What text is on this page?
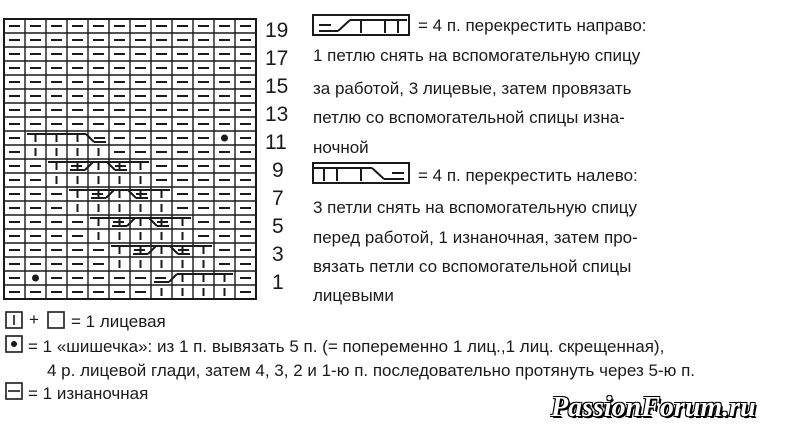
19
17
15
13
11
9
7
5
3
1
= 4 п. перекрестить направо:
1 петлю снять на вспомогательную спицу
за работой, 3 лицевые, затем провязать
петлю со вспомогательной спицы изна-
ночной
= 4 п. перекрестить налево:
3 петли снять на вспомогательную спицу
перед работой, 1 изнаночная, затем про-
вязать петли со вспомогательной спицы
лицевыми
+ = 1 лицевая
= 1 «шишечка»: из 1 п. вывязать 5 п. (= попеременно 1 лиц.,1 лиц. скрещенная),
4 р. лицевой глади, затем 4, 3, 2 и 1-ю п. последовательно протянуть через 5-ю п.
= 1 изнаночная	PassionForum.ru
